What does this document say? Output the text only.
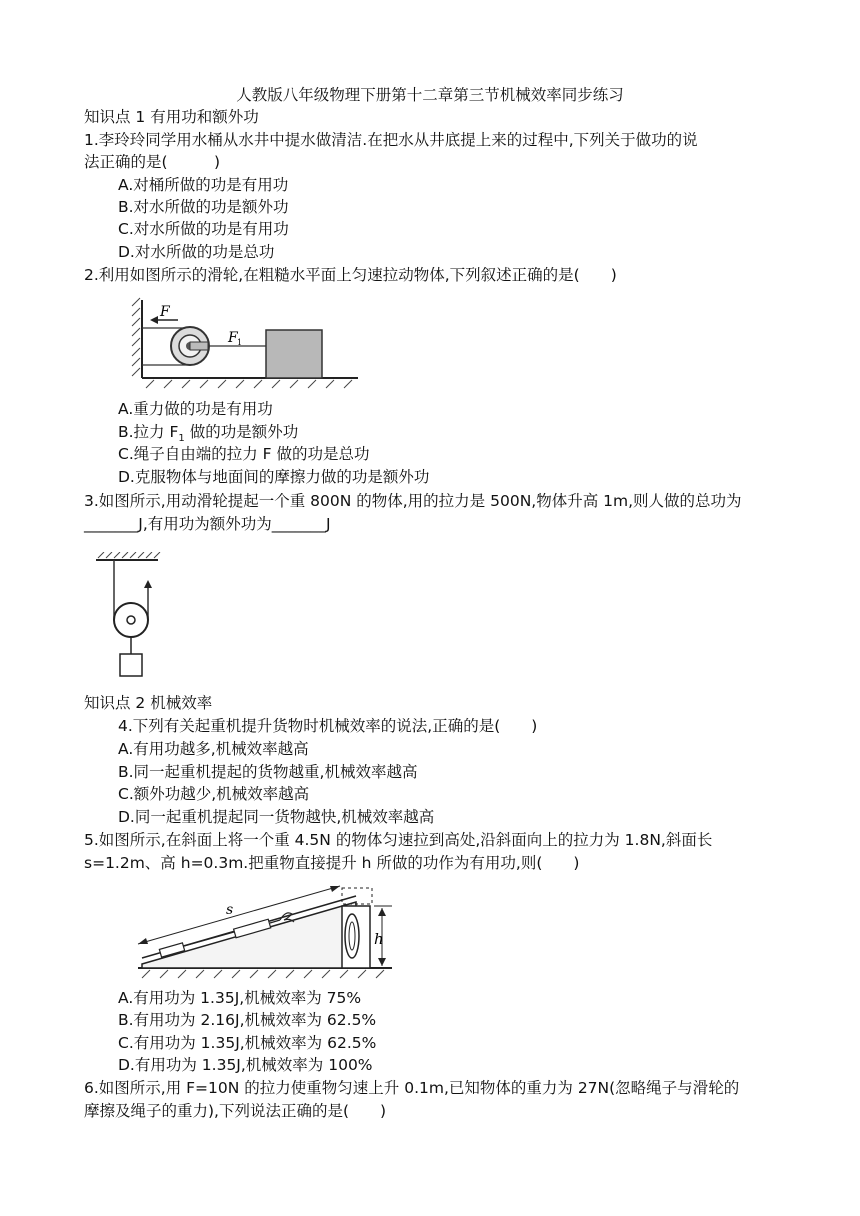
人教版八年级物理下册第十二章第三节机械效率同步练习
知识点 1 有用功和额外功
1.李玲玲同学用水桶从水井中提水做清洁.在把水从井底提上来的过程中,下列关于做功的说
法正确的是(　　　)
A.对桶所做的功是有用功
B.对水所做的功是额外功
C.对水所做的功是有用功
D.对水所做的功是总功
2.利用如图所示的滑轮,在粗糙水平面上匀速拉动物体,下列叙述正确的是(　　)
F
F 1
A.重力做的功是有用功
B.拉力 $F_1$ 做的功是额外功
C.绳子自由端的拉力 F 做的功是总功
D.克服物体与地面间的摩擦力做的功是额外功
3.如图所示,用动滑轮提起一个重 800N 的物体,用的拉力是 500N,物体升高 1m,则人做的总功为
_______J,有用功为额外功为_______J
知识点 2 机械效率
4.下列有关起重机提升货物时机械效率的说法,正确的是(　　)
A.有用功越多,机械效率越高
B.同一起重机提起的货物越重,机械效率越高
C.额外功越少,机械效率越高
D.同一起重机提起同一货物越快,机械效率越高
5.如图所示,在斜面上将一个重 4.5N 的物体匀速拉到高处,沿斜面向上的拉力为 1.8N,斜面长
s=1.2m、高 h=0.3m.把重物直接提升 h 所做的功作为有用功,则(　　)
s
h
A.有用功为 1.35J,机械效率为 75%
B.有用功为 2.16J,机械效率为 62.5%
C.有用功为 1.35J,机械效率为 62.5%
D.有用功为 1.35J,机械效率为 100%
6.如图所示,用 F=10N 的拉力使重物匀速上升 0.1m,已知物体的重力为 27N(忽略绳子与滑轮的
摩擦及绳子的重力),下列说法正确的是(　　)
